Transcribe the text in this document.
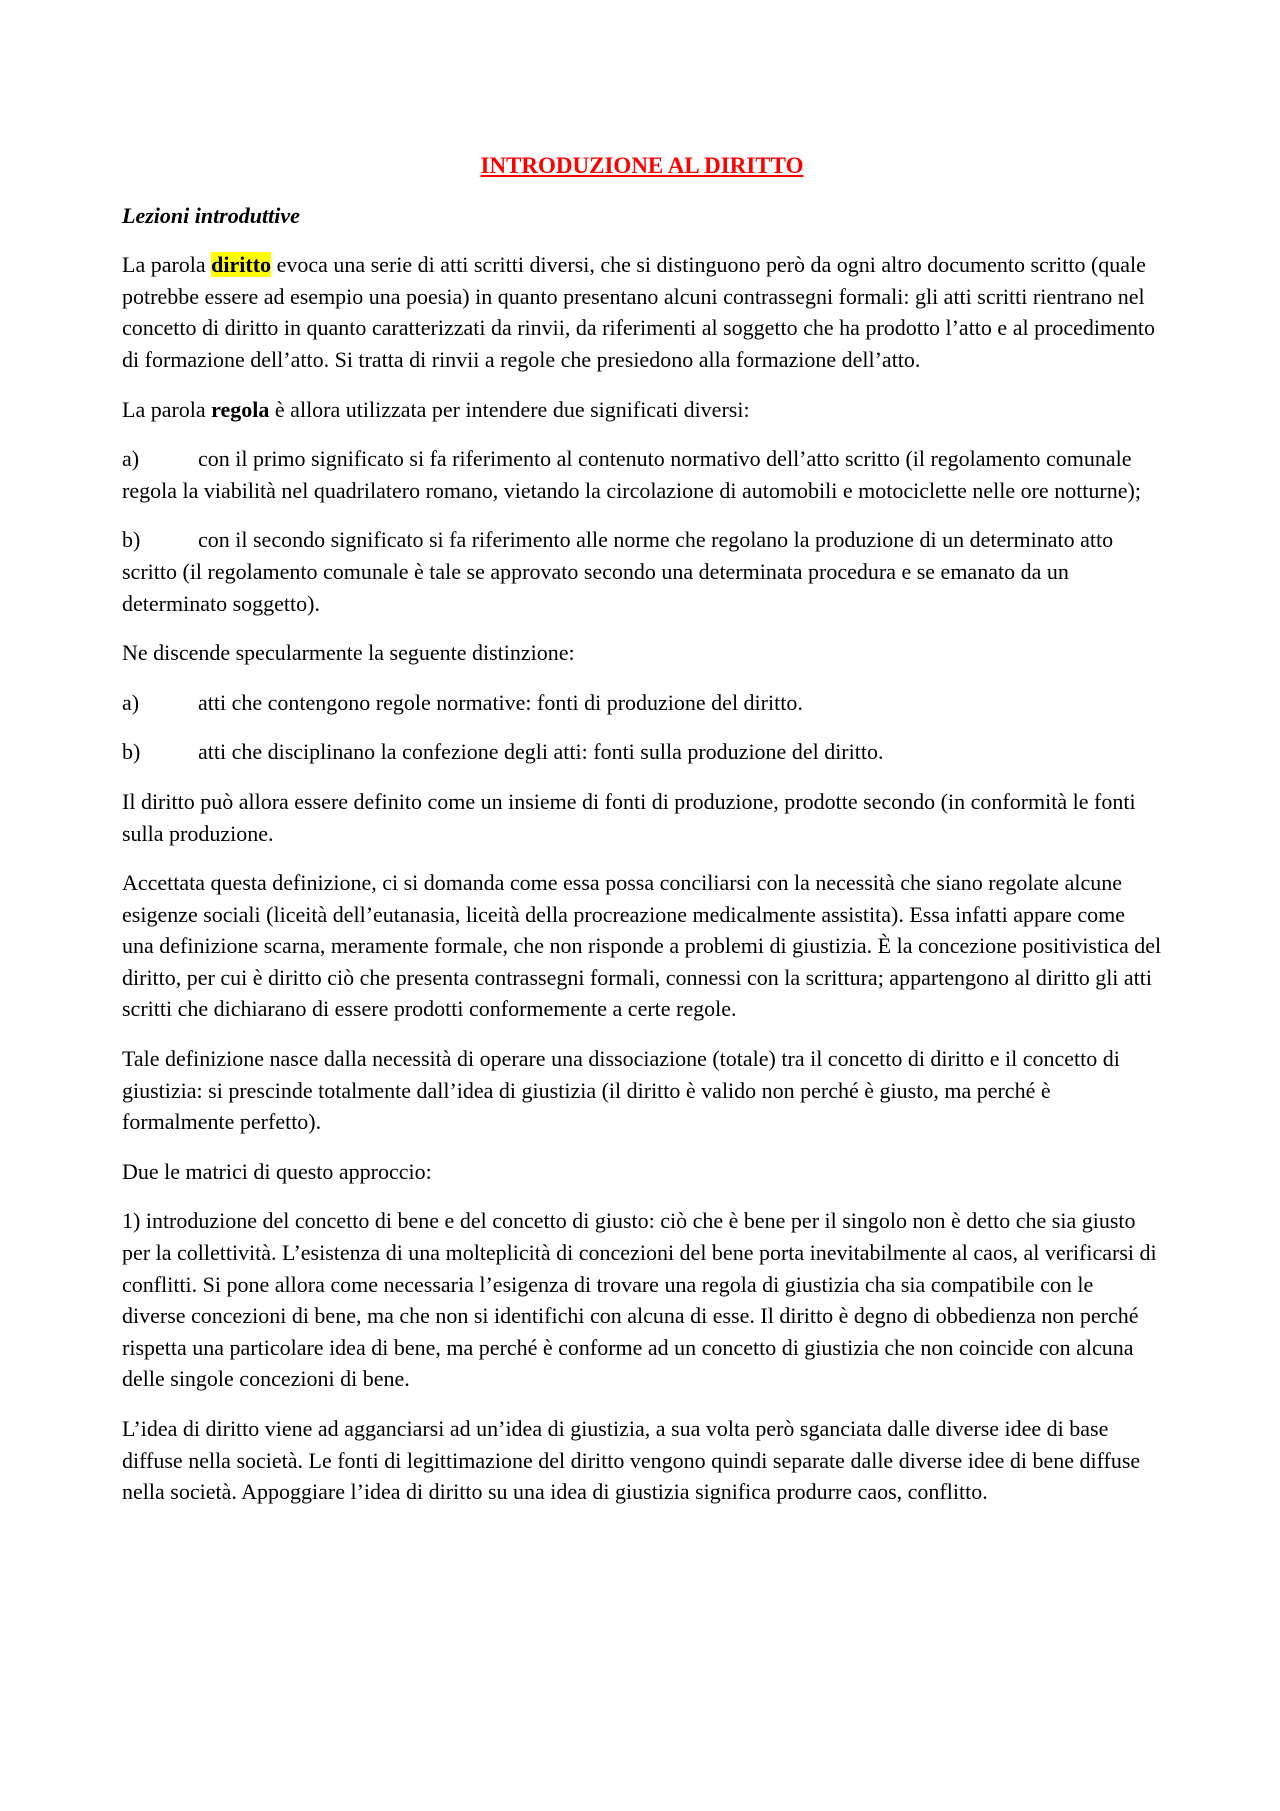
INTRODUZIONE AL DIRITTO
Lezioni introduttive

La parola diritto evoca una serie di atti scritti diversi, che si distinguono però da ogni altro documento scritto (quale potrebbe essere ad esempio una poesia) in quanto presentano alcuni contrassegni formali: gli atti scritti rientrano nel concetto di diritto in quanto caratterizzati da rinvii, da riferimenti al soggetto che ha prodotto l’atto e al procedimento di formazione dell’atto. Si tratta di rinvii a regole che presiedono alla formazione dell’atto.

La parola regola è allora utilizzata per intendere due significati diversi:

a)	con il primo significato si fa riferimento al contenuto normativo dell’atto scritto (il regolamento comunale regola la viabilità nel quadrilatero romano, vietando la circolazione di automobili e motociclette nelle ore notturne);

b)	con il secondo significato si fa riferimento alle norme che regolano la produzione di un determinato atto scritto (il regolamento comunale è tale se approvato secondo una determinata procedura e se emanato da un determinato soggetto).

Ne discende specularmente la seguente distinzione:

a)	atti che contengono regole normative: fonti di produzione del diritto.

b)	atti che disciplinano la confezione degli atti: fonti sulla produzione del diritto.

Il diritto può allora essere definito come un insieme di fonti di produzione, prodotte secondo (in conformità le fonti sulla produzione.

Accettata questa definizione, ci si domanda come essa possa conciliarsi con la necessità che siano regolate alcune esigenze sociali (liceità dell’eutanasia, liceità della procreazione medicalmente assistita). Essa infatti appare come una definizione scarna, meramente formale, che non risponde a problemi di giustizia. È la concezione positivistica del diritto, per cui è diritto ciò che presenta contrassegni formali, connessi con la scrittura; appartengono al diritto gli atti scritti che dichiarano di essere prodotti conformemente a certe regole.

Tale definizione nasce dalla necessità di operare una dissociazione (totale) tra il concetto di diritto e il concetto di giustizia: si prescinde totalmente dall’idea di giustizia (il diritto è valido non perché è giusto, ma perché è formalmente perfetto).

Due le matrici di questo approccio:

1) introduzione del concetto di bene e del concetto di giusto: ciò che è bene per il singolo non è detto che sia giusto per la collettività. L’esistenza di una molteplicità di concezioni del bene porta inevitabilmente al caos, al verificarsi di conflitti. Si pone allora come necessaria l’esigenza di trovare una regola di giustizia cha sia compatibile con le diverse concezioni di bene, ma che non si identifichi con alcuna di esse. Il diritto è degno di obbedienza non perché rispetta una particolare idea di bene, ma perché è conforme ad un concetto di giustizia che non coincide con alcuna delle singole concezioni di bene.

L’idea di diritto viene ad agganciarsi ad un’idea di giustizia, a sua volta però sganciata dalle diverse idee di base diffuse nella società. Le fonti di legittimazione del diritto vengono quindi separate dalle diverse idee di bene diffuse nella società. Appoggiare l’idea di diritto su una idea di giustizia significa produrre caos, conflitto.
